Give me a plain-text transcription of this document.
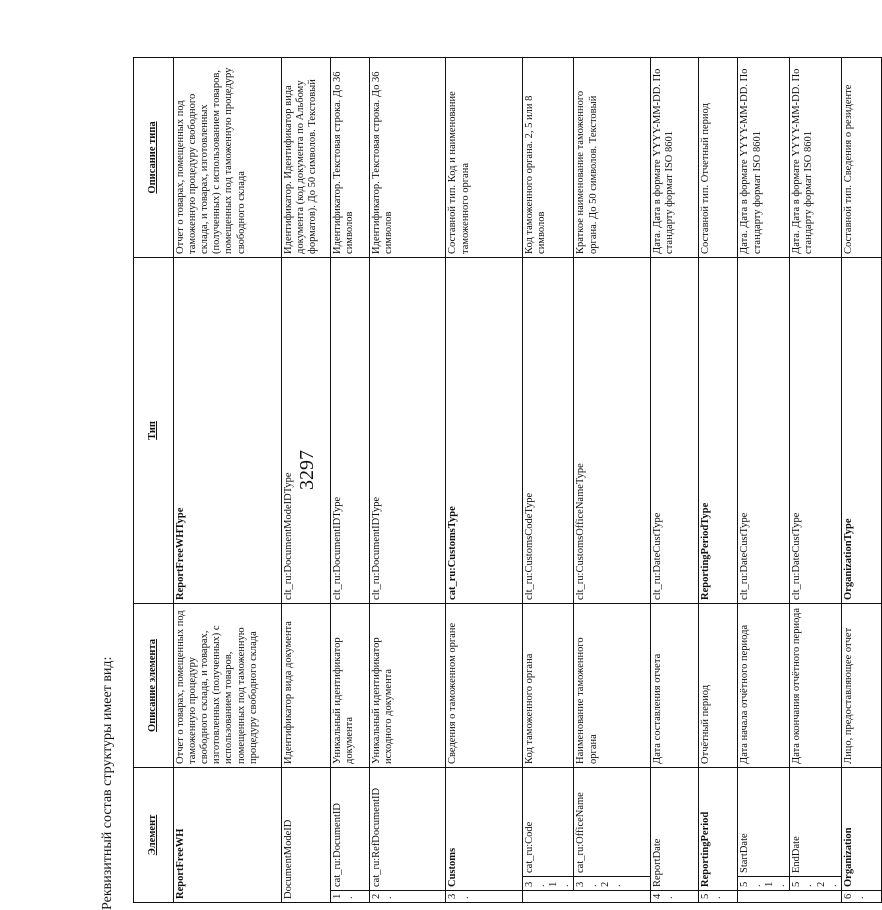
3297
Реквизитный состав структуры имеет вид:	Элемент			Описание элемента	Тип	Описание типа	
ReportFreeWH			Отчет о товарах, помещенных под таможенную процедуру свободного склада, и товарах, изготовленных (полученных) с использованием товаров, помещенных под таможенную процедуру свободного склада	ReportFreeWHType	Отчет о товарах, помещенных под таможенную процедуру свободного склада, и товарах, изготовленных (полученных) с использованием товаров, помещенных под таможенную процедуру свободного склада	
DocumentModeID			Идентификатор вида документа	clt_ru:DocumentModeIDType	Идентификатор. Идентификатор вида документа (код документа по Альбому форматов). До 50 символов. Текстовый	
1.	cat_ru:DocumentID		Уникальный идентификатор документа	clt_ru:DocumentIDType	Идентификатор. Текстовая строка. До 36 символов	
2.	cat_ru:RefDocumentID		Уникальный идентификатор исходного документа	clt_ru:DocumentIDType	Идентификатор. Текстовая строка. До 36 символов	
3.	Customs		Сведения о таможенном органе	cat_ru:CustomsType	Составной тип. Код и наименование таможенного органа	
	3.1.	cat_ru:Code	Код таможенного органа	clt_ru:CustomsCodeType	Код таможенного органа. 2, 5 или 8 символов	
	3.2.	cat_ru:OfficeName	Наименование таможенного органа	clt_ru:CustomsOfficeNameType	Краткое наименование таможенного органа. До 50 символов. Текстовый	
4.	ReportDate		Дата составления отчета	clt_ru:DateCustType	Дата. Дата в формате YYYY-MM-DD. По стандарту формат ISO 8601	
5.	ReportingPeriod		Отчётный период	ReportingPeriodType	Составной тип. Отчетный период	
	5.1.	StartDate	Дата начала отчётного периода	clt_ru:DateCustType	Дата. Дата в формате YYYY-MM-DD. По стандарту формат ISO 8601	
	5.2.	EndDate	Дата окончания отчётного периода	clt_ru:DateCustType	Дата. Дата в формате YYYY-MM-DD. По стандарту формат ISO 8601	
6.	Organization		Лицо, предоставляющее отчет	OrganizationType	Составной тип. Сведения о резиденте	
